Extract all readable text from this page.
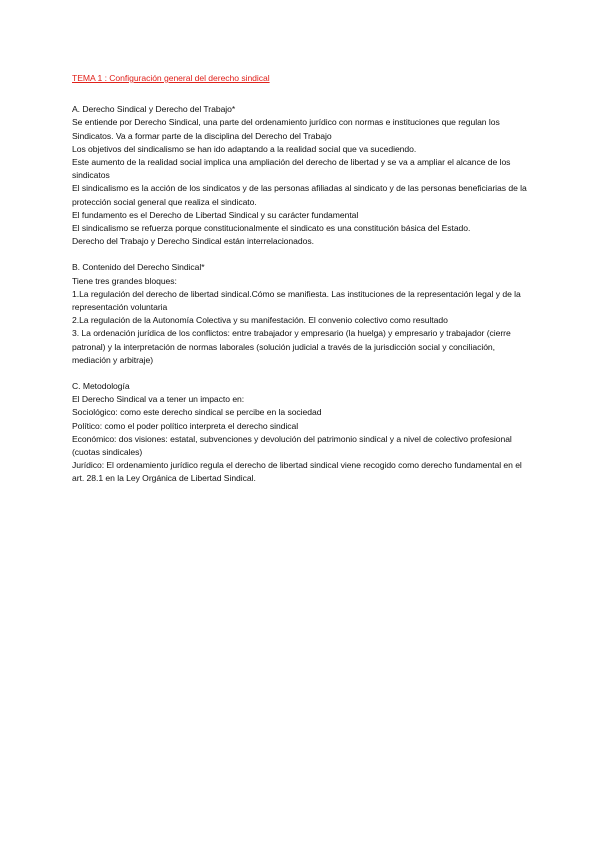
TEMA 1 : Configuración general del derecho sindical

A. Derecho Sindical y Derecho del Trabajo*

Se entiende por Derecho Sindical, una parte del ordenamiento jurídico con normas e instituciones que regulan los Sindicatos. Va a formar parte de la disciplina del Derecho del Trabajo

Los objetivos del sindicalismo se han ido adaptando a la realidad social que va sucediendo.

Este aumento de la realidad social implica una ampliación del derecho de libertad y se va a ampliar el alcance de los sindicatos

El sindicalismo es la acción de los sindicatos y de las personas afiliadas al sindicato y de las personas beneficiarias de la protección social general que realiza el sindicato.

El fundamento es el Derecho de Libertad Sindical y su carácter fundamental

El sindicalismo se refuerza porque constitucionalmente el sindicato es una constitución básica del Estado.

Derecho del Trabajo y Derecho Sindical están interrelacionados.

B. Contenido del Derecho Sindical*

Tiene tres grandes bloques:

1.La regulación del derecho de libertad sindical.Cómo se manifiesta. Las instituciones de la representación legal y de la representación voluntaria

2.La regulación de la Autonomía Colectiva y su manifestación. El convenio colectivo como resultado

3. La ordenación jurídica de los conflictos: entre trabajador y empresario (la huelga) y empresario y trabajador (cierre patronal) y la interpretación de normas laborales (solución judicial a través de la jurisdicción social y conciliación, mediación y arbitraje)

C. Metodología

El Derecho Sindical va a tener un impacto en:

Sociológico: como este derecho sindical se percibe en la sociedad

Político: como el poder político interpreta el derecho sindical

Económico: dos visiones: estatal, subvenciones y devolución del patrimonio sindical y a nivel de colectivo profesional (cuotas sindicales)

Jurídico: El ordenamiento jurídico regula el derecho de libertad sindical viene recogido como derecho fundamental en el art. 28.1 en la Ley Orgánica de Libertad Sindical.
